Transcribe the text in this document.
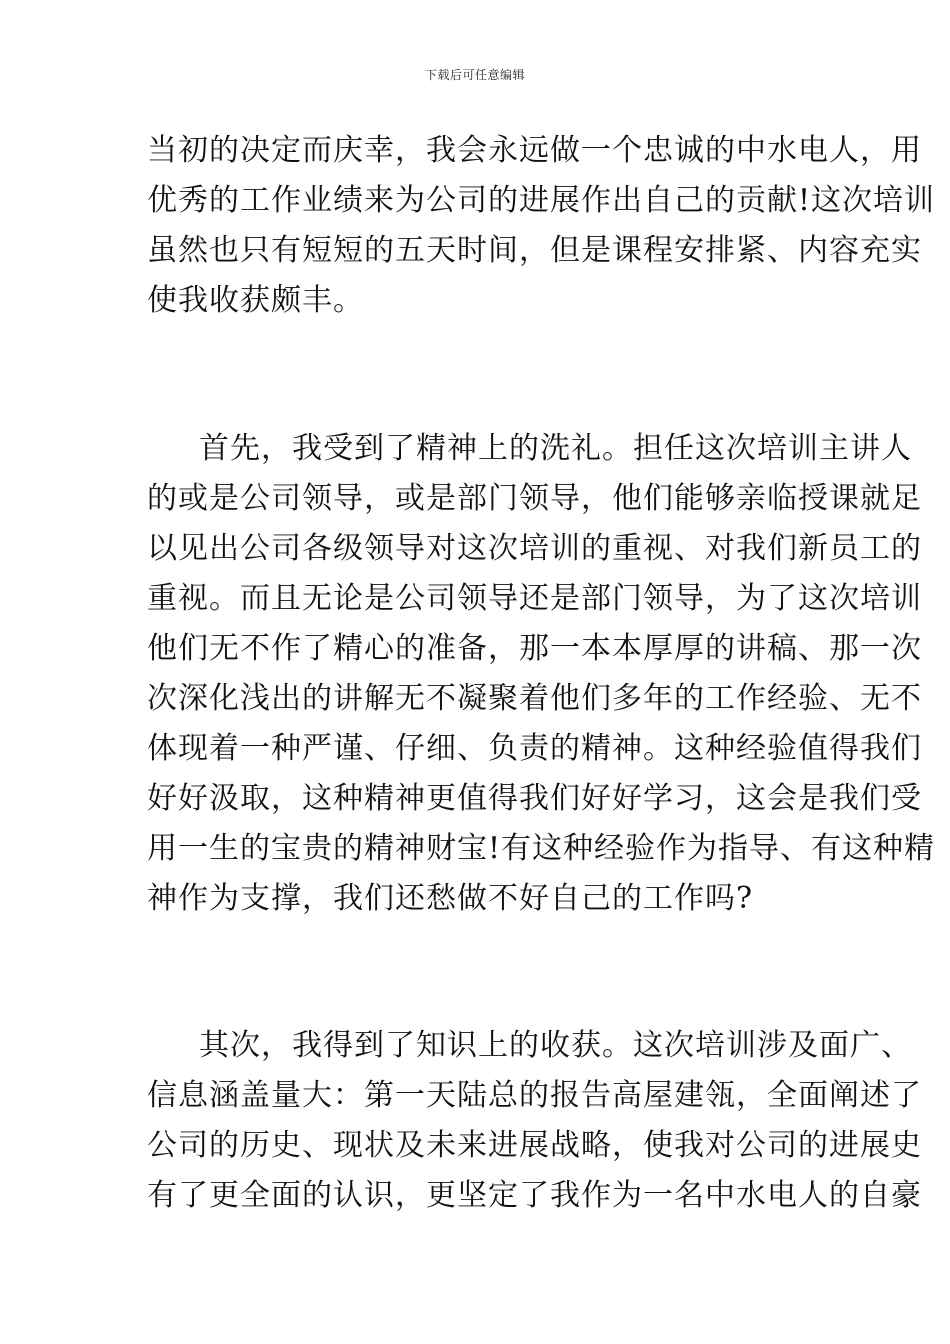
下载后可任意编辑
当初的决定而庆幸，我会永远做一个忠诚的中水电人，用
优秀的工作业绩来为公司的进展作出自己的贡献!这次培训
虽然也只有短短的五天时间，但是课程安排紧、内容充实
使我收获颇丰。
首先，我受到了精神上的洗礼。担任这次培训主讲人
的或是公司领导，或是部门领导，他们能够亲临授课就足
以见出公司各级领导对这次培训的重视、对我们新员工的
重视。而且无论是公司领导还是部门领导，为了这次培训
他们无不作了精心的准备，那一本本厚厚的讲稿、那一次
次深化浅出的讲解无不凝聚着他们多年的工作经验、无不
体现着一种严谨、仔细、负责的精神。这种经验值得我们
好好汲取，这种精神更值得我们好好学习，这会是我们受
用一生的宝贵的精神财宝!有这种经验作为指导、有这种精
神作为支撑，我们还愁做不好自己的工作吗?
其次，我得到了知识上的收获。这次培训涉及面广、
信息涵盖量大：第一天陆总的报告高屋建瓴，全面阐述了
公司的历史、现状及未来进展战略，使我对公司的进展史
有了更全面的认识，更坚定了我作为一名中水电人的自豪
